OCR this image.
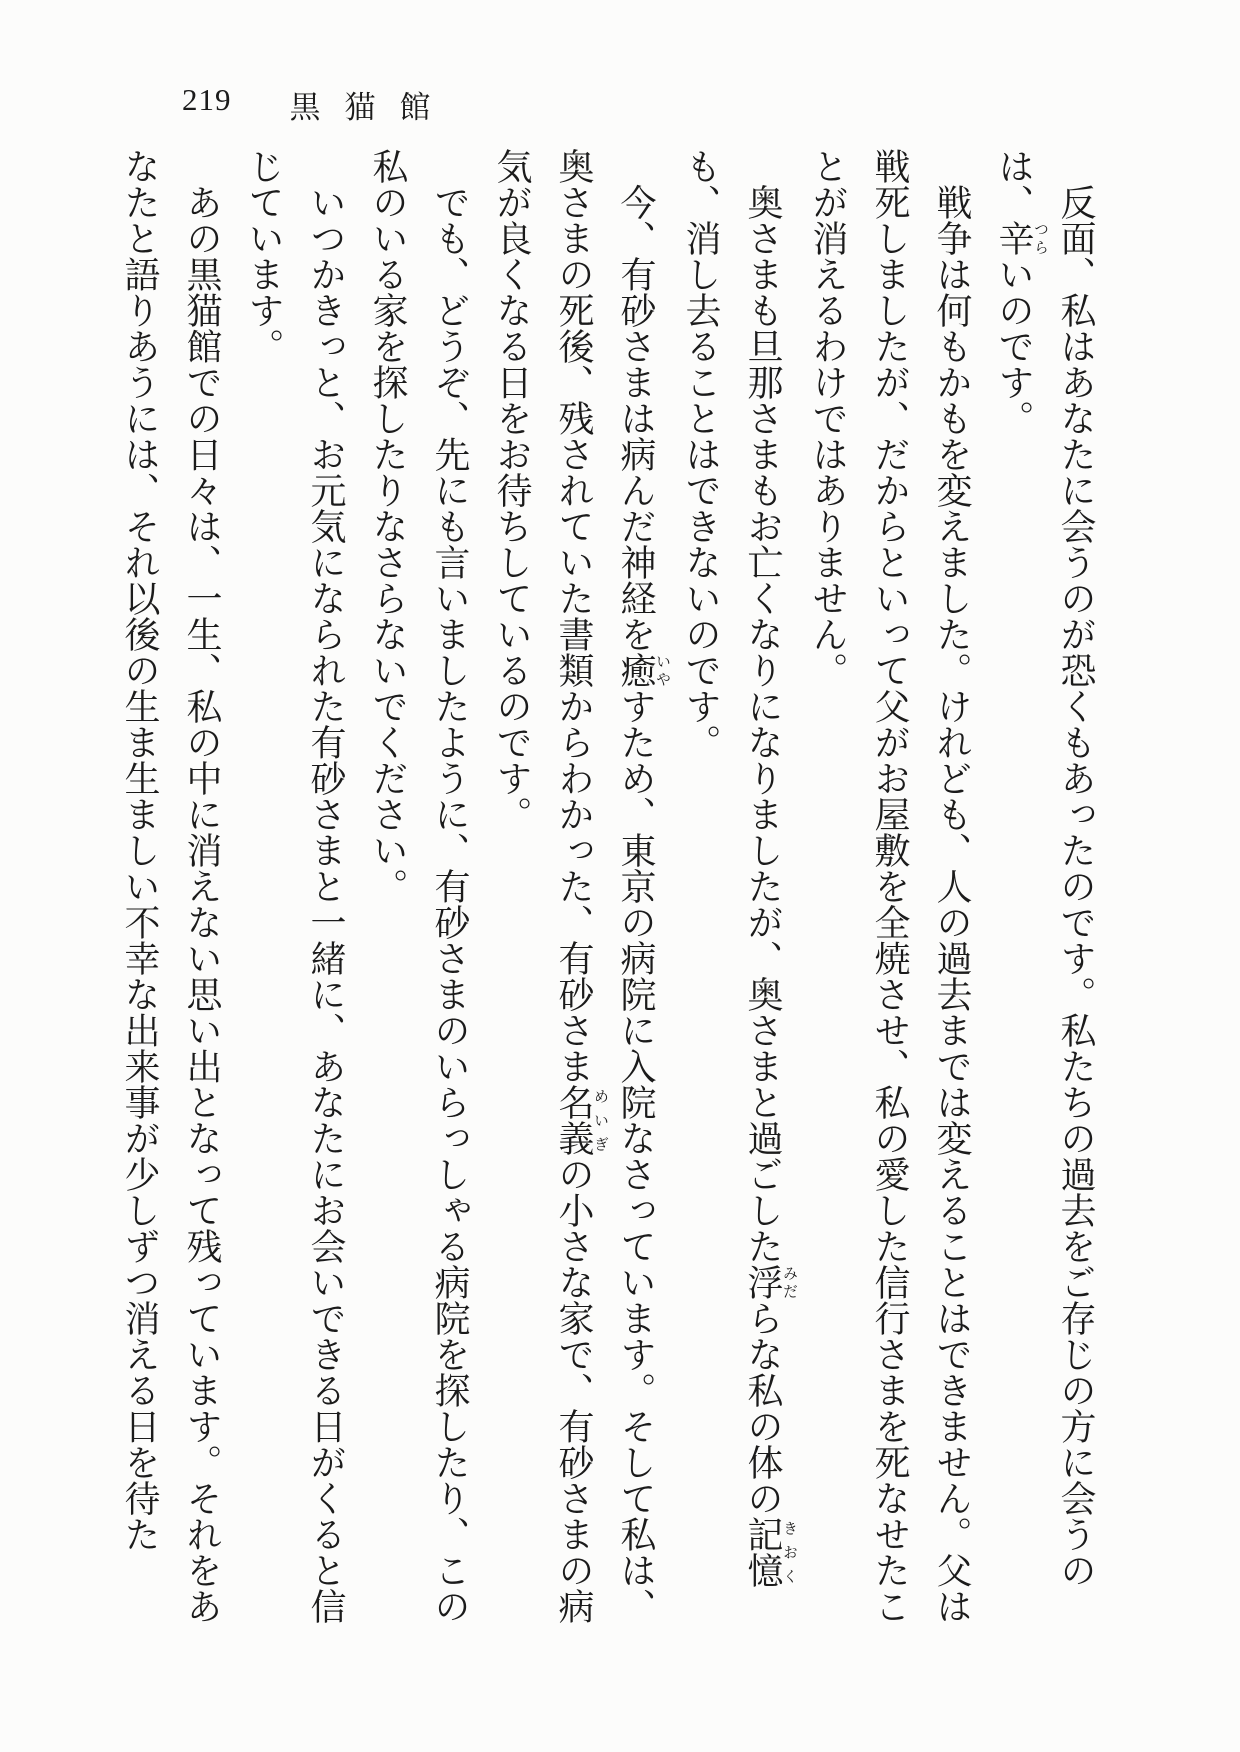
219 黒猫館

反面、私はあなたに会うのが恐くもあったのです。私たちの過去をご存じの方に会うのは、辛つらいのです。

戦争は何もかもを変えました。けれども、人の過去までは変えることはできません。父は戦死しましたが、だからといって父がお屋敷を全焼させ、私の愛した信行さまを死なせたことが消えるわけではありません。

奥さまも旦那さまもお亡くなりになりましたが、奥さまと過ごした浮みだらな私の体の記憶きおくも、消し去ることはできないのです。

今、有砂さまは病んだ神経を癒いやすため、東京の病院に入院なさっています。そして私は、奥さまの死後、残されていた書類からわかった、有砂さま名義めいぎの小さな家で、有砂さまの病気が良くなる日をお待ちしているのです。

でも、どうぞ、先にも言いましたように、有砂さまのいらっしゃる病院を探したり、この私のいる家を探したりなさらないでください。

いつかきっと、お元気になられた有砂さまと一緒に、あなたにお会いできる日がくると信じています。

あの黒猫館での日々は、一生、私の中に消えない思い出となって残っています。それをあなたと語りあうには、それ以後の生ま生ましい不幸な出来事が少しずつ消える日を待た
